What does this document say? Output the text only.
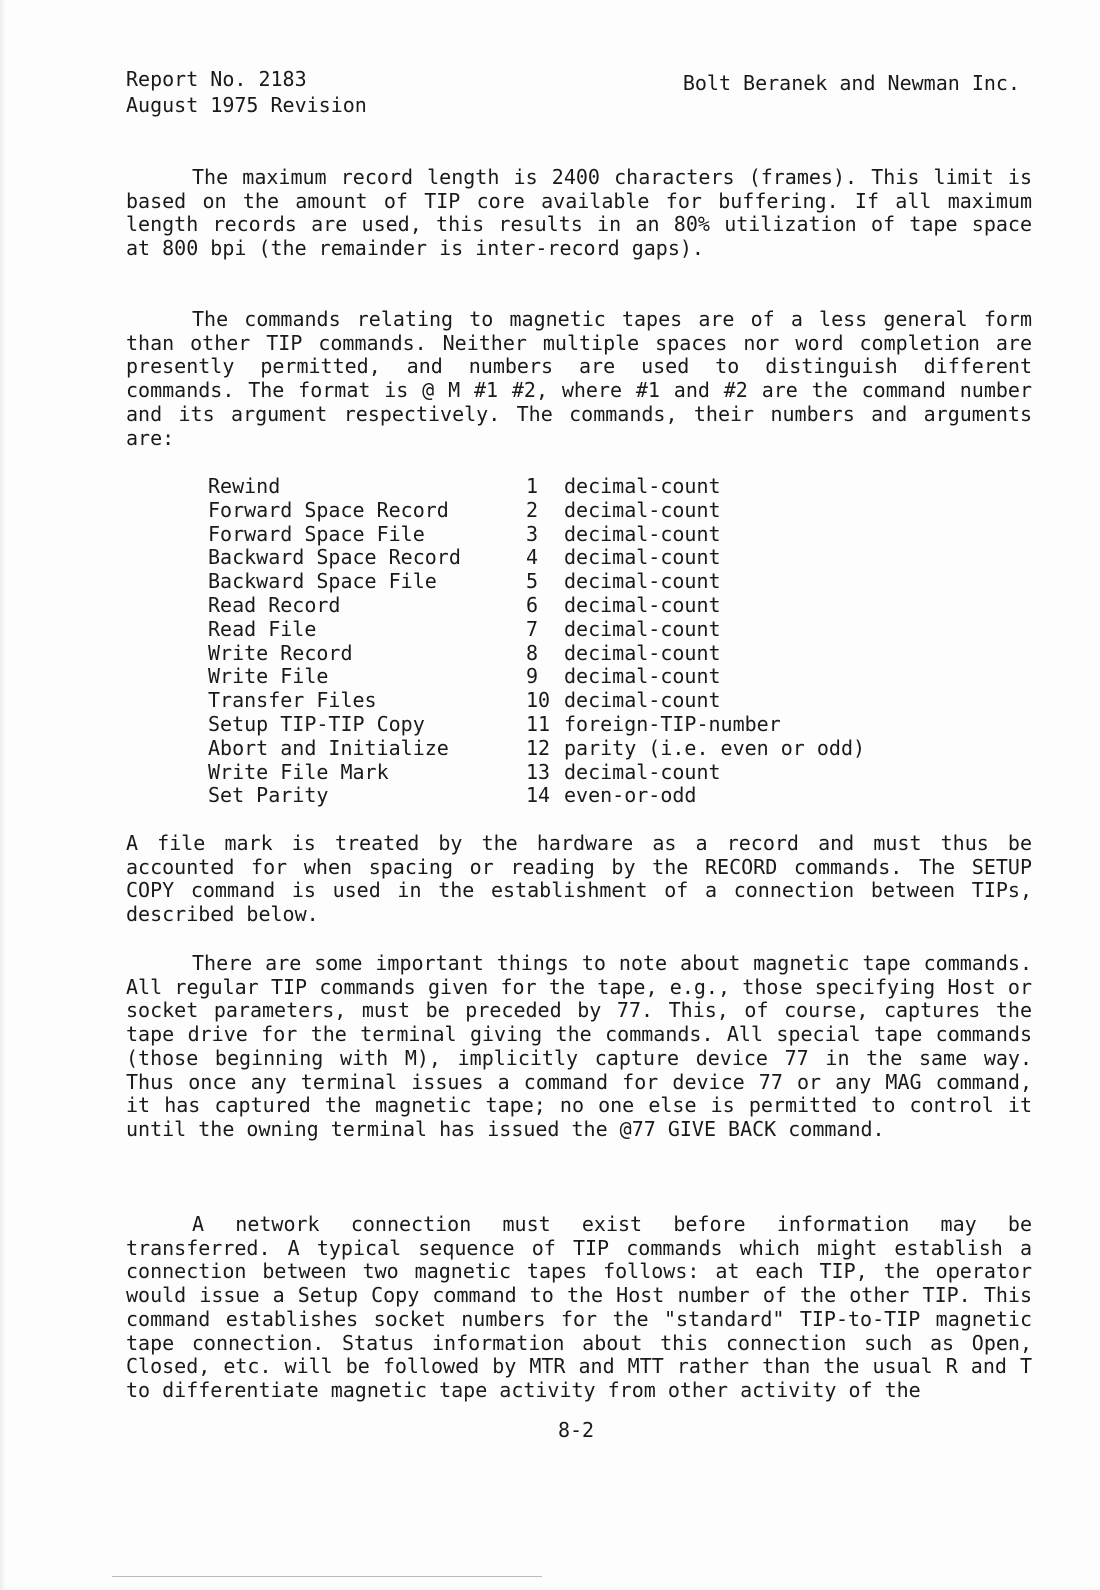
Report No. 2183
August 1975 Revision
Bolt Beranek and Newman Inc.
The maximum record length is 2400 characters (frames). This limit is based on the amount of TIP core available for buffering. If all maximum length records are used, this results in an 80% utilization of tape space at 800 bpi (the remainder is inter-record gaps).
The commands relating to magnetic tapes are of a less general form than other TIP commands. Neither multiple spaces nor word completion are presently permitted, and numbers are used to distinguish different commands. The format is @ M #1 #2, where #1 and #2 are the command number and its argument respectively. The commands, their numbers and arguments are:
Rewind	1	decimal-count
Forward Space Record	2	decimal-count
Forward Space File	3	decimal-count
Backward Space Record	4	decimal-count
Backward Space File	5	decimal-count
Read Record	6	decimal-count
Read File	7	decimal-count
Write Record	8	decimal-count
Write File	9	decimal-count
Transfer Files	10 decimal-count
Setup TIP-TIP Copy	11 foreign-TIP-number
Abort and Initialize	12 parity (i.e. even or odd)
Write File Mark	13 decimal-count
Set Parity	14 even-or-odd
A file mark is treated by the hardware as a record and must thus be accounted for when spacing or reading by the RECORD commands. The SETUP COPY command is used in the establishment of a connection between TIPs, described below.
There are some important things to note about magnetic tape commands. All regular TIP commands given for the tape, e.g., those specifying Host or socket parameters, must be preceded by 77. This, of course, captures the tape drive for the terminal giving the commands. All special tape commands (those beginning with M), implicitly capture device 77 in the same way. Thus once any terminal issues a command for device 77 or any MAG command, it has captured the magnetic tape; no one else is permitted to control it until the owning terminal has issued the @77 GIVE BACK command.
A network connection must exist before information may be transferred. A typical sequence of TIP commands which might establish a connection between two magnetic tapes follows: at each TIP, the operator would issue a Setup Copy command to the Host number of the other TIP. This command establishes socket numbers for the "standard" TIP-to-TIP magnetic tape connection. Status information about this connection such as Open, Closed, etc. will be followed by MTR and MTT rather than the usual R and T to differentiate magnetic tape activity from other activity of the
8-2
